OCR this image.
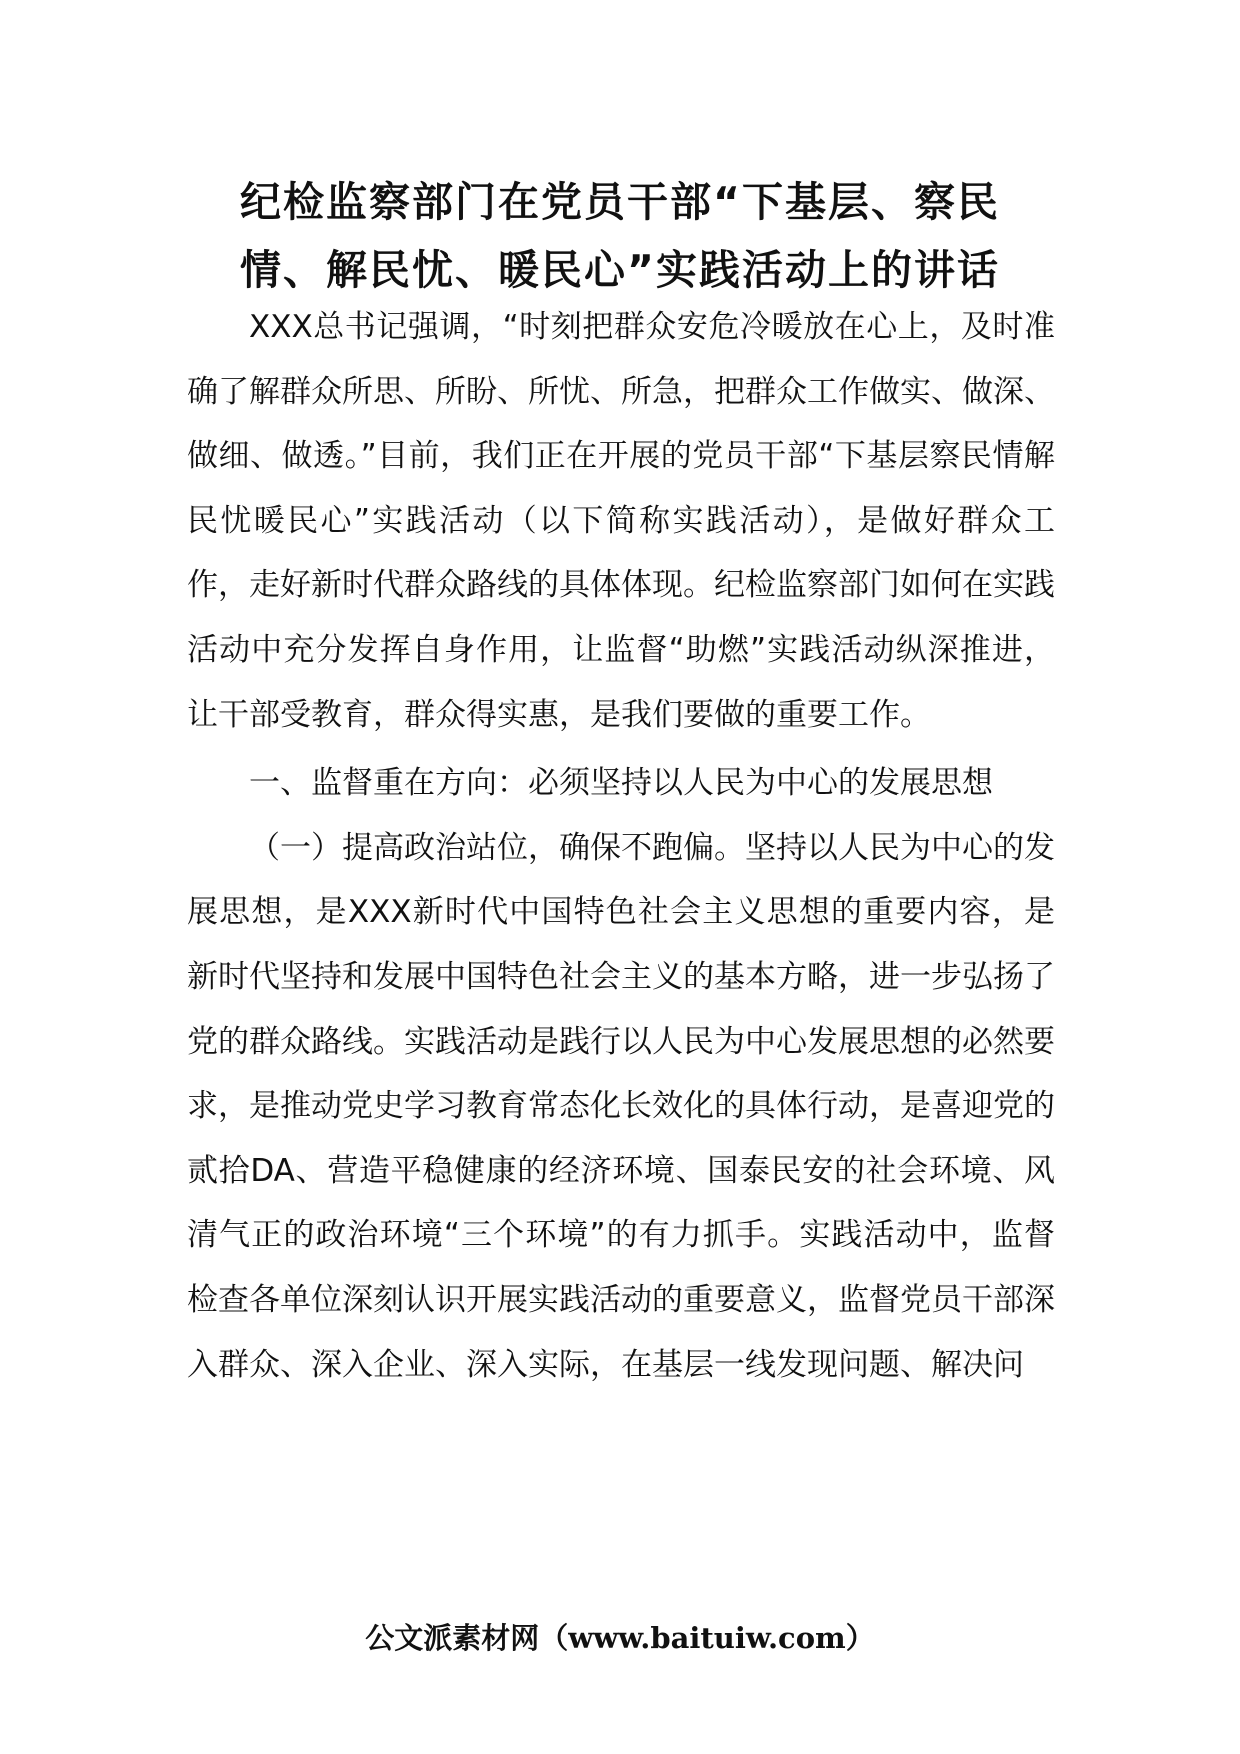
纪检监察部门在党员干部“下基层、察民
情、解民忧、暖民心”实践活动上的讲话

XXX总书记强调，“时刻把群众安危冷暖放在心上，及时准确了解群众所思、所盼、所忧、所急，把群众工作做实、做深、做细、做透。”目前，我们正在开展的党员干部“下基层察民情解民忧暖民心”实践活动（以下简称实践活动），是做好群众工作，走好新时代群众路线的具体体现。纪检监察部门如何在实践活动中充分发挥自身作用，让监督“助燃”实践活动纵深推进，让干部受教育，群众得实惠，是我们要做的重要工作。

一、监督重在方向：必须坚持以人民为中心的发展思想

（一）提高政治站位，确保不跑偏。坚持以人民为中心的发展思想，是XXX新时代中国特色社会主义思想的重要内容，是新时代坚持和发展中国特色社会主义的基本方略，进一步弘扬了党的群众路线。实践活动是践行以人民为中心发展思想的必然要求，是推动党史学习教育常态化长效化的具体行动，是喜迎党的贰拾DA、营造平稳健康的经济环境、国泰民安的社会环境、风清气正的政治环境“三个环境”的有力抓手。实践活动中，监督检查各单位深刻认识开展实践活动的重要意义，监督党员干部深入群众、深入企业、深入实际，在基层一线发现问题、解决问

公文派素材网（www.baituiw.com）
